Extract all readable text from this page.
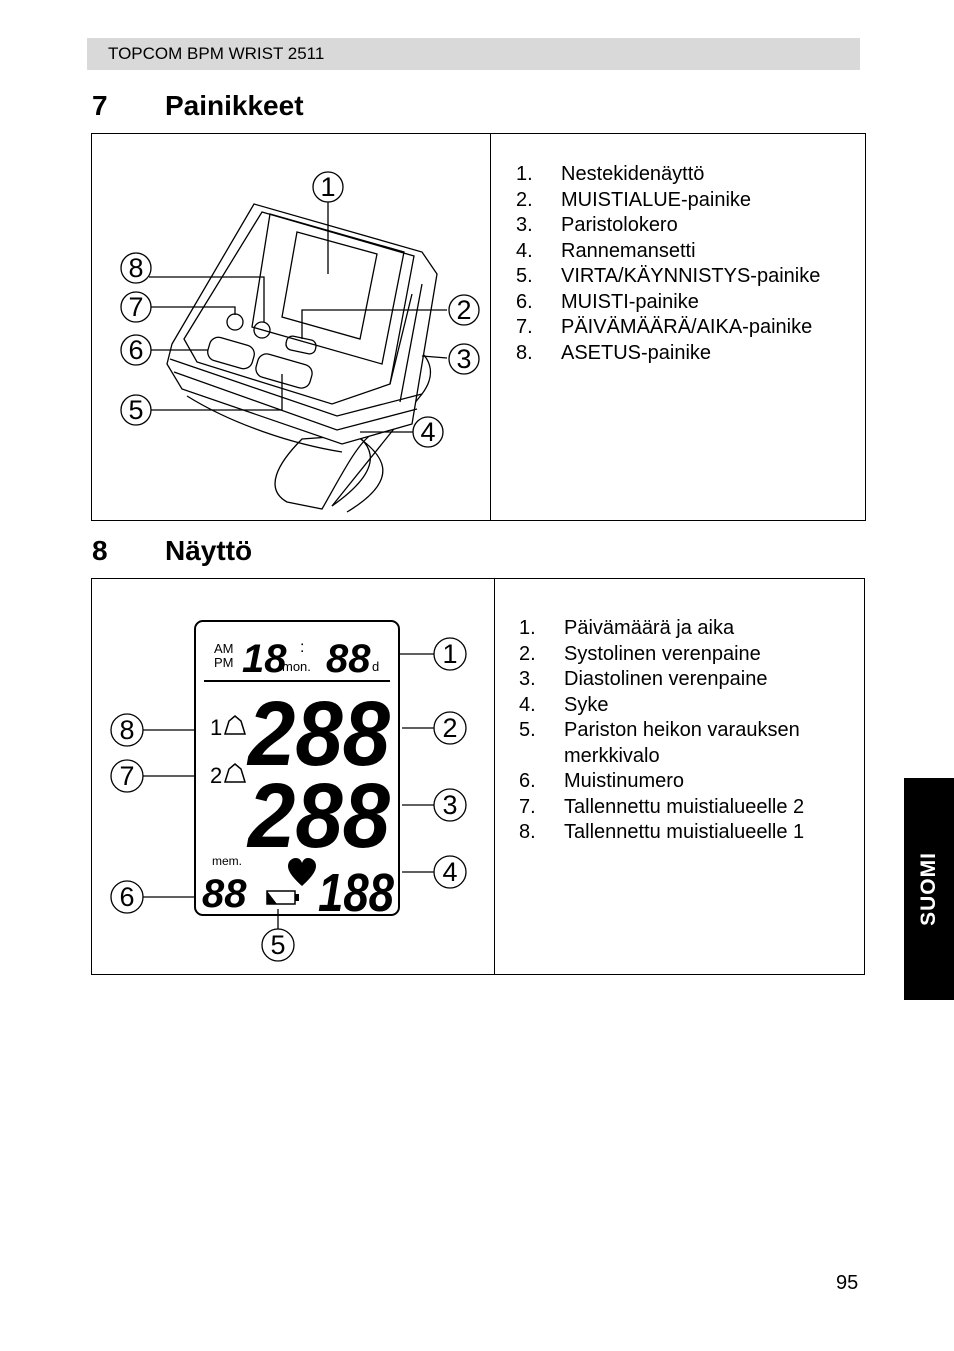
TOPCOM BPM WRIST 2511
7 Painikkeet
1
2
3
4
5
6
7
8
1.	Nestekidenäyttö
2.	MUISTIALUE-painike
3.	Paristolokero
4.	Rannemansetti
5.	VIRTA/KÄYNNISTYS-painike
6.	MUISTI-painike
7.	PÄIVÄMÄÄRÄ/AIKA-painike
8.	ASETUS-painike
8 Näyttö
AM
PM 18 :
mon. 88 d
1
2 288
288
mem.
88 188
1
2
3
4
5
6
7
8
1.	Päivämäärä ja aika
2.	Systolinen verenpaine
3.	Diastolinen verenpaine
4.	Syke
5.	Pariston heikon varauksen
merkkivalo
6.	Muistinumero
7.	Tallennettu muistialueelle 2
8.	Tallennettu muistialueelle 1
SUOMI
95
